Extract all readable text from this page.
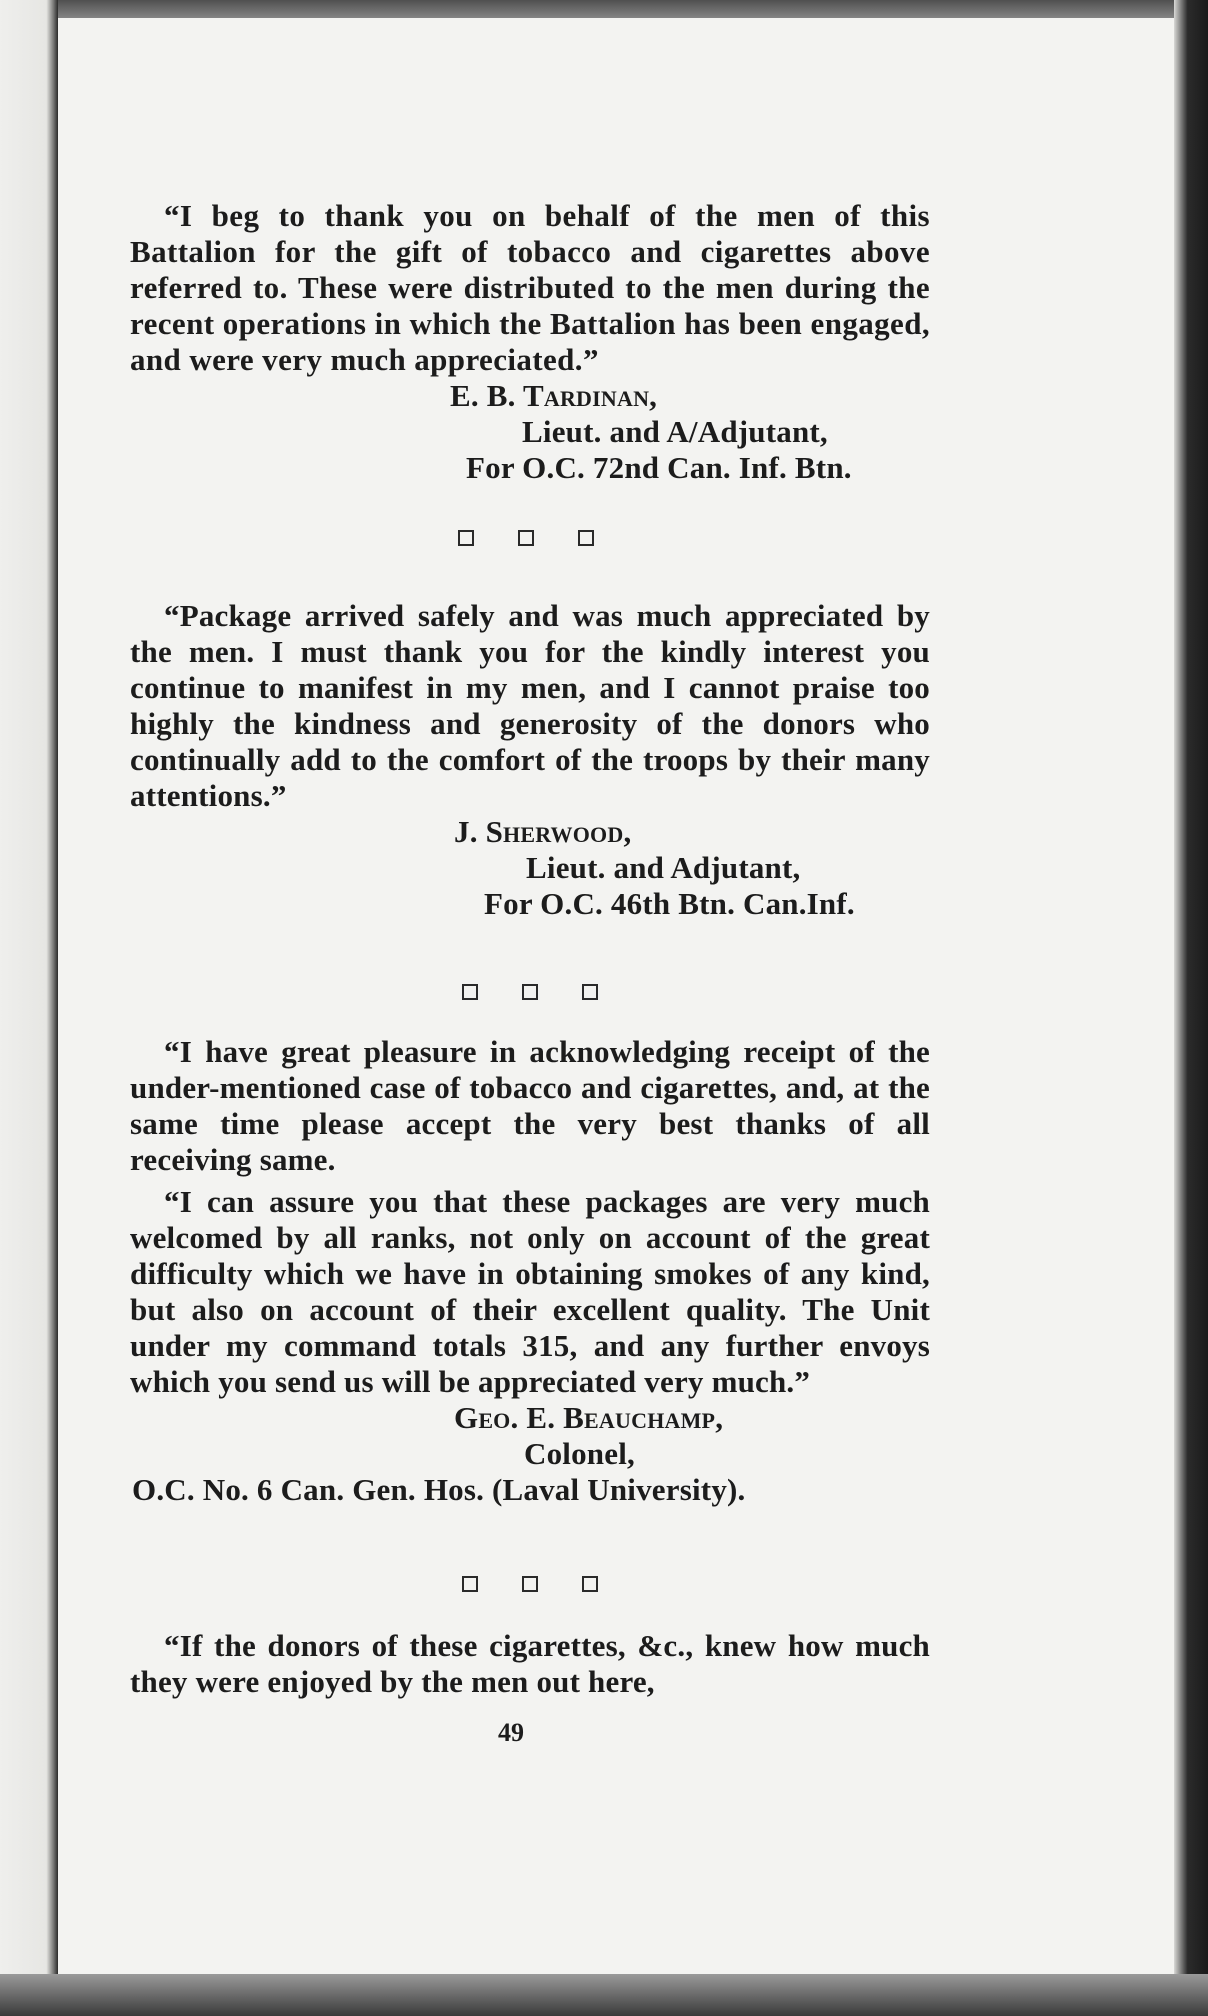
“I beg to thank you on behalf of the men of this Battalion for the gift of tobacco and cigarettes above referred to. These were distributed to the men during the recent operations in which the Battalion has been engaged, and were very much appreciated.”

E. B. Tardinan,

Lieut. and A/Adjutant,

For O.C. 72nd Can. Inf. Btn.

“Package arrived safely and was much appreciated by the men. I must thank you for the kindly interest you continue to manifest in my men, and I cannot praise too highly the kindness and generosity of the donors who continually add to the comfort of the troops by their many attentions.”

J. Sherwood,

Lieut. and Adjutant,

For O.C. 46th Btn. Can.Inf.

“I have great pleasure in acknowledging receipt of the under-mentioned case of tobacco and cigarettes, and, at the same time please accept the very best thanks of all receiving same.

“I can assure you that these packages are very much welcomed by all ranks, not only on account of the great difficulty which we have in obtaining smokes of any kind, but also on account of their excellent quality. The Unit under my command totals 315, and any further envoys which you send us will be appreciated very much.”

Geo. E. Beauchamp,

Colonel,

O.C. No. 6 Can. Gen. Hos. (Laval University).

“If the donors of these cigarettes, &c., knew how much they were enjoyed by the men out here,

49
